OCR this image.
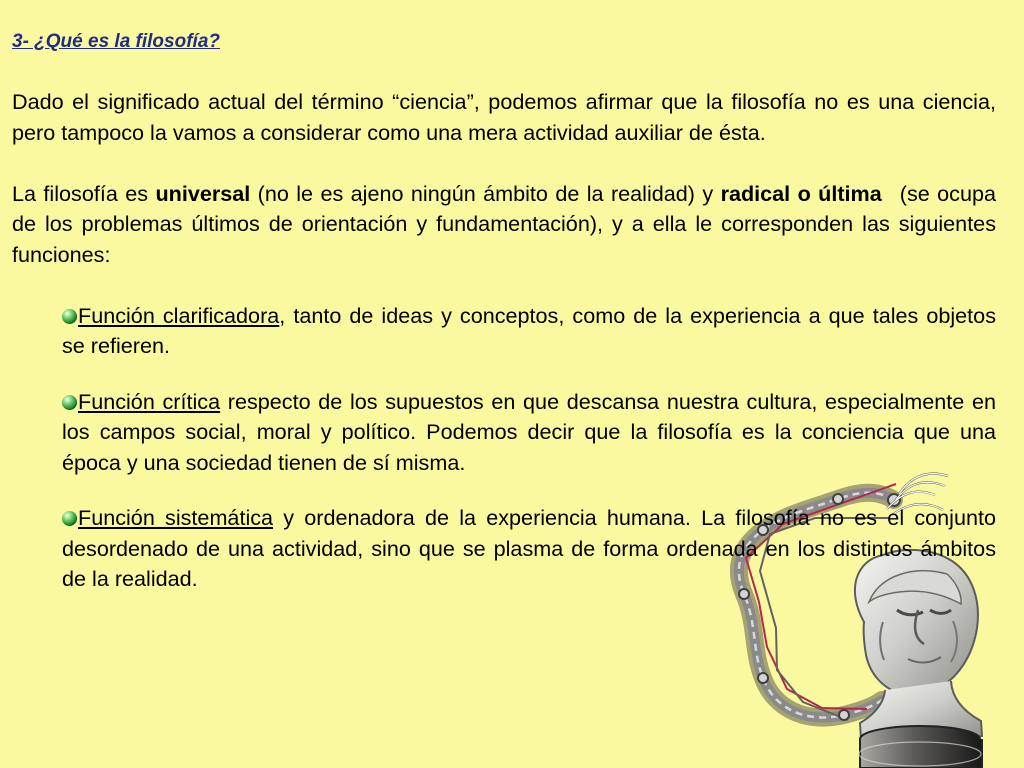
3- ¿Qué es la filosofía?

Dado el significado actual del término “ciencia”, podemos afirmar que la filosofía no es una ciencia, pero tampoco la vamos a considerar como una mera actividad auxiliar de ésta.

La filosofía es universal (no le es ajeno ningún ámbito de la realidad) y radical o última (se ocupa de los problemas últimos de orientación y fundamentación), y a ella le corresponden las siguientes funciones:

Función clarificadora, tanto de ideas y conceptos, como de la experiencia a que tales objetos se refieren.

Función crítica respecto de los supuestos en que descansa nuestra cultura, especialmente en los campos social, moral y político. Podemos decir que la filosofía es la conciencia que una época y una sociedad tienen de sí misma.

Función sistemática y ordenadora de la experiencia humana. La filosofía no es el conjunto desordenado de una actividad, sino que se plasma de forma ordenada en los distintos ámbitos de la realidad.
